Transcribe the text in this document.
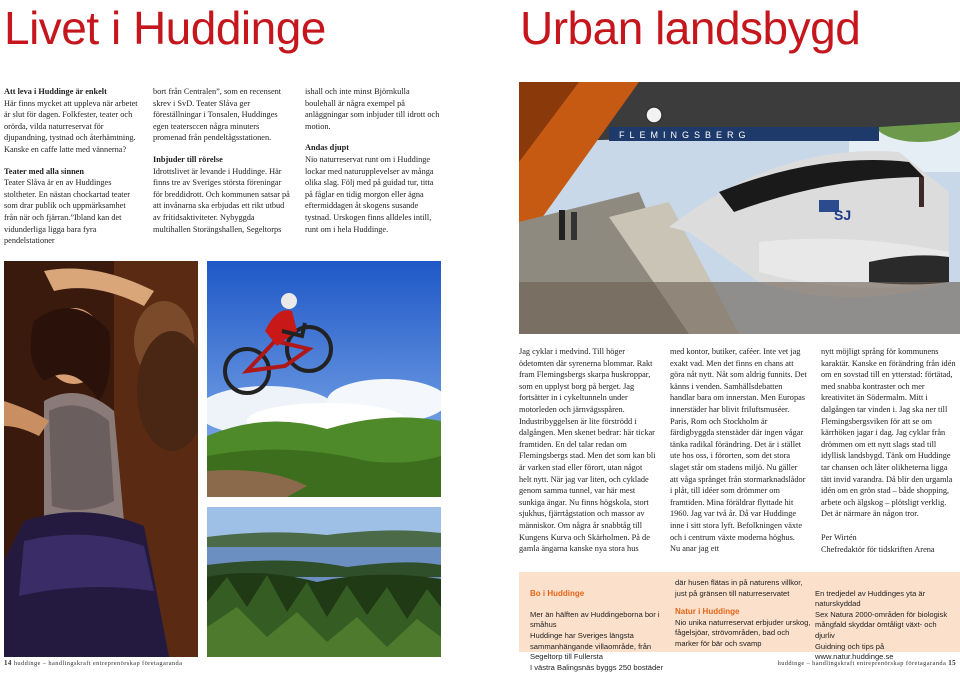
Livet i Huddinge	Urban landsbygd

Att leva i Huddinge är enkelt

Här finns mycket att uppleva när arbetet är slut för dagen. Folkfester, teater och orörda, vilda naturreservat för djupandning, tystnad och återhämtning. Kanske en caffe latte med vännerna?

Teater med alla sinnen

Teater Slåva är en av Huddinges stoltheter. En nästan chockartad teater som drar publik och uppmärksamhet från när och fjärran.”Ibland kan det vidunderliga ligga bara fyra pendelstationer

bort från Centralen”, som en recensent skrev i SvD. Teater Slåva ger föreställningar i Tonsalen, Huddinges egen teatersccen några minuters promenad från pendeltågsstationen.

Inbjuder till rörelse

Idrottslivet är levande i Huddinge. Här finns tre av Sveriges största föreningar för breddidrott. Och kommunen satsar på att invånarna ska erbjudas ett rikt utbud av fritidsaktiviteter. Nybyggda multihallen Storängshallen, Segeltorps

ishall och inte minst Björnkulla boulehall är några exempel på anläggningar som inbjuder till idrott och motion.

Andas djupt

Nio naturreservat runt om i Huddinge lockar med naturupplevelser av många olika slag. Följ med på guidad tur, titta på fåglar en tidig morgon eller ägna eftermiddagen åt skogens susande tystnad. Urskogen finns alldeles intill, runt om i hela Huddinge.

FLEMINGSBERG
SJ

Jag cyklar i medvind. Till höger ödetomten där syrenerna blommar. Rakt fram Flemingsbergs skarpa huskroppar, som en upplyst borg på berget. Jag fortsätter in i cykeltunneln under motorleden och järnvägsspåren. Industribyggelsen är lite förströdd i dalgången. Men skenet bedrar: här tickar framtiden. En del talar redan om Flemingsbergs stad. Men det som kan bli är varken stad eller förort, utan något helt nytt. När jag var liten, och cyklade genom samma tunnel, var här mest sunkiga ängar. Nu finns högskola, stort sjukhus, fjärrtågstation och massor av människor. Om några år snabbtåg till Kungens Kurva och Skärholmen. På de gamla ängarna kanske nya stora hus

med kontor, butiker, caféer. Inte vet jag exakt vad. Men det finns en chans att göra nåt nytt. Nåt som aldrig funnits. Det känns i venden. Samhällsdebatten handlar bara om innerstan. Men Europas innerstäder har blivit friluftsmuséer. Paris, Rom och Stockholm är färdigbyggda stenstäder där ingen vågar tänka radikal förändring. Det är i stället ute hos oss, i förorten, som det stora slaget står om stadens miljö. Nu gäller att våga språnget från stormarknadslådor i plåt, till idéer som drömmer om framtiden. Mina föräldrar flyttade hit 1960. Jag var två år. Då var Huddinge inne i sitt stora lyft. Befolkningen växte och i centrum växte moderna höghus. Nu anar jag ett

nytt möjligt språng för kommunens karaktär. Kanske en förändring från idén om en sovstad till en ytterstad: förtätad, med snabba kontraster och mer kreativitet än Södermalm. Mitt i dalgången tar vinden i. Jag ska ner till Flemingsbergsviken för att se om kärrhöken jagar i dag. Jag cyklar från drömmen om ett nytt slags stad till idyllisk landsbygd. Tänk om Huddinge tar chansen och låter olikheterna ligga tätt invid varandra. Då blir den urgamla idén om en grön stad – både shopping, arbete och älgskog – plötsligt verklig. Det är närmare än någon tror.

Per Wirtén

Chefredaktör för tidskriften Arena

Bo i Huddinge

Mer än hälften av Huddingeborna bor i småhus
Huddinge har Sveriges längsta sammanhängande villaområde, från Segeltorp till Fullersta
I västra Balingsnäs byggs 250 bostäder

där husen flätas in på naturens villkor, just på gränsen till naturreservatet
Natur i Huddinge
Nio unika naturreservat erbjuder urskog, fågelsjöar, strövområden, bad och marker för bär och svamp

En tredjedel av Huddinges yta är naturskyddad
Sex Natura 2000-områden för biologisk mångfald skyddar ömtåligt växt- och djurliv
Guidning och tips på
www.natur.huddinge.se

14 huddinge – handlingskraft entreprenörskap företagaranda	huddinge – handlingskraft entreprenörskap företagaranda 15
